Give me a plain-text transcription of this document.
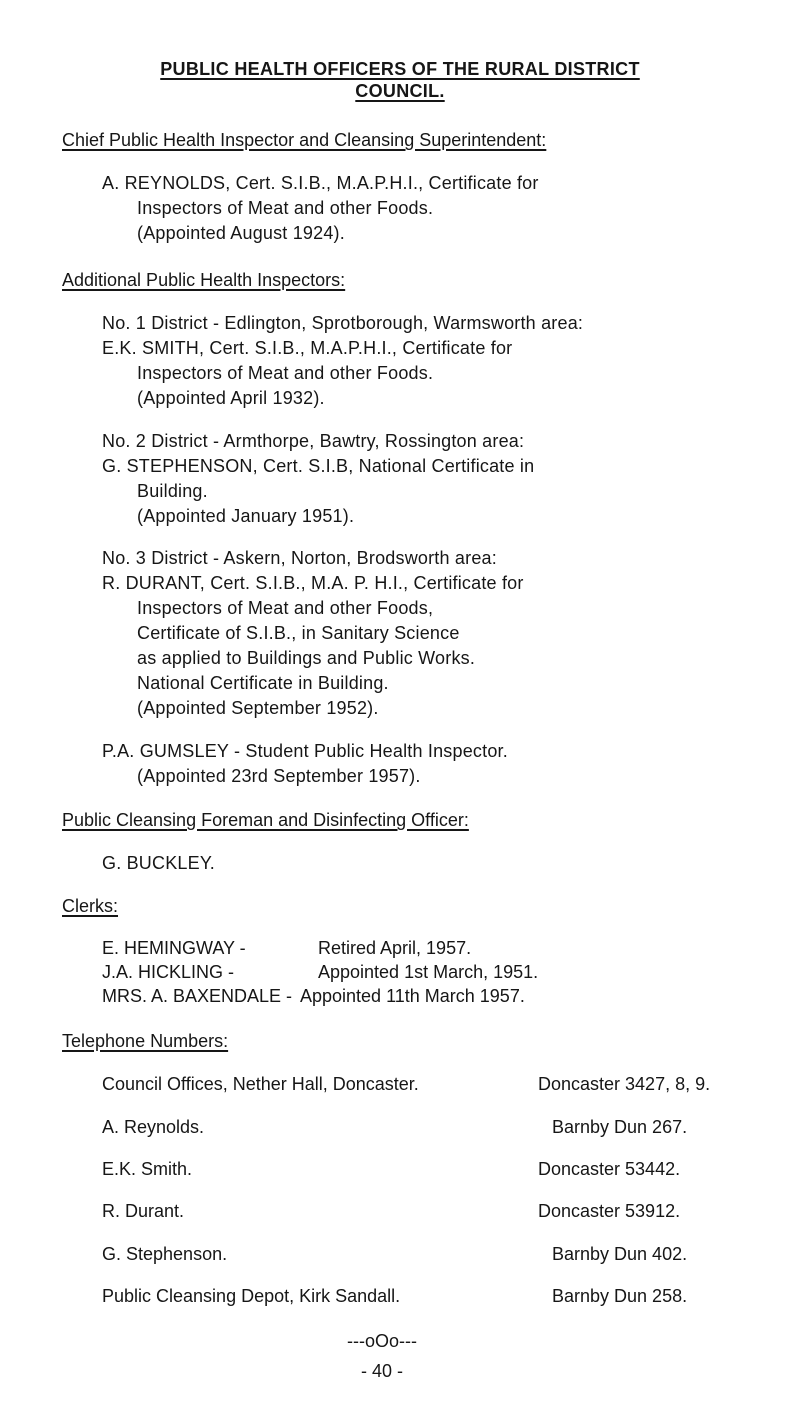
PUBLIC HEALTH OFFICERS OF THE RURAL DISTRICT
COUNCIL.
Chief Public Health Inspector and Cleansing Superintendent:
A. REYNOLDS, Cert. S.I.B., M.A.P.H.I., Certificate for
Inspectors of Meat and other Foods.
(Appointed August 1924).
Additional Public Health Inspectors:
No. 1 District - Edlington, Sprotborough, Warmsworth area:
E.K. SMITH, Cert. S.I.B., M.A.P.H.I., Certificate for
Inspectors of Meat and other Foods.
(Appointed April 1932).
No. 2 District - Armthorpe, Bawtry, Rossington area:
G. STEPHENSON, Cert. S.I.B, National Certificate in
Building.
(Appointed January 1951).
No. 3 District - Askern, Norton, Brodsworth area:
R. DURANT, Cert. S.I.B., M.A. P. H.I., Certificate for
Inspectors of Meat and other Foods,
Certificate of S.I.B., in Sanitary Science
as applied to Buildings and Public Works.
National Certificate in Building.
(Appointed September 1952).
P.A. GUMSLEY - Student Public Health Inspector.
(Appointed 23rd September 1957).
Public Cleansing Foreman and Disinfecting Officer:
G. BUCKLEY.
Clerks:
E. HEMINGWAY -	Retired April, 1957.
J.A. HICKLING -	Appointed 1st March, 1951.
MRS. A. BAXENDALE - Appointed 11th March 1957.
Telephone Numbers:
Council Offices, Nether Hall, Doncaster.	Doncaster 3427, 8, 9.
A. Reynolds.	Barnby Dun 267.
E.K. Smith.	Doncaster 53442.
R. Durant.	Doncaster 53912.
G. Stephenson.	Barnby Dun 402.
Public Cleansing Depot, Kirk Sandall.	Barnby Dun 258.
---oOo---
- 40 -
